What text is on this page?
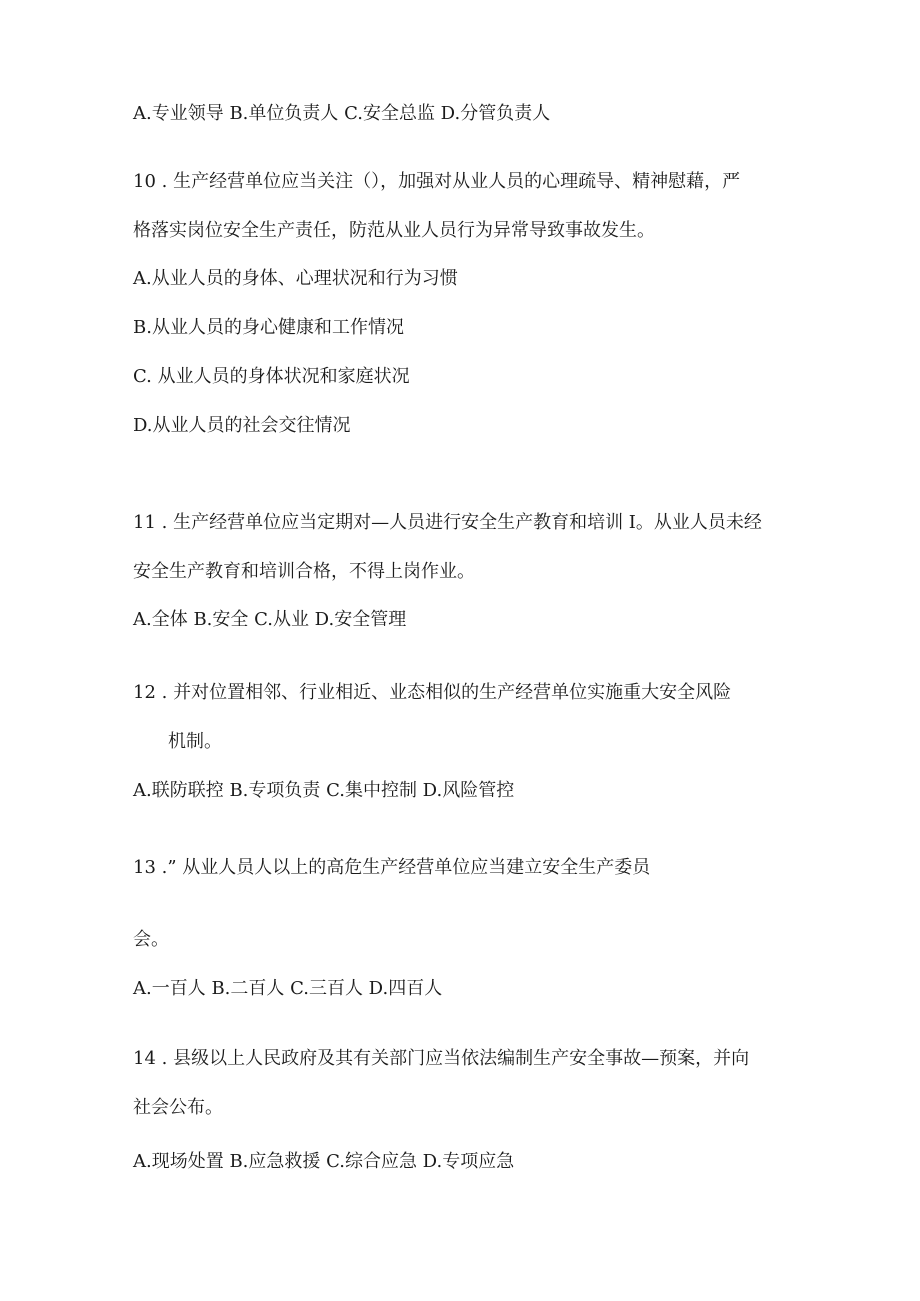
A.专业领导 B.单位负责人 C.安全总监 D.分管负责人
10 . 生产经营单位应当关注（），加强对从业人员的心理疏导、精神慰藉，严
格落实岗位安全生产责任，防范从业人员行为异常导致事故发生。
A.从业人员的身体、心理状况和行为习惯
B.从业人员的身心健康和工作情况
C. 从业人员的身体状况和家庭状况
D.从业人员的社会交往情况
11 . 生产经营单位应当定期对—人员进行安全生产教育和培训 I。从业人员未经
安全生产教育和培训合格，不得上岗作业。
A.全体 B.安全 C.从业 D.安全管理
12 . 并对位置相邻、行业相近、业态相似的生产经营单位实施重大安全风险
机制。
A.联防联控 B.专项负责 C.集中控制 D.风险管控
13 .” 从业人员人以上的高危生产经营单位应当建立安全生产委员
会。
A.一百人 B.二百人 C.三百人 D.四百人
14 . 县级以上人民政府及其有关部门应当依法编制生产安全事故—预案，并向
社会公布。
A.现场处置 B.应急救援 C.综合应急 D.专项应急
